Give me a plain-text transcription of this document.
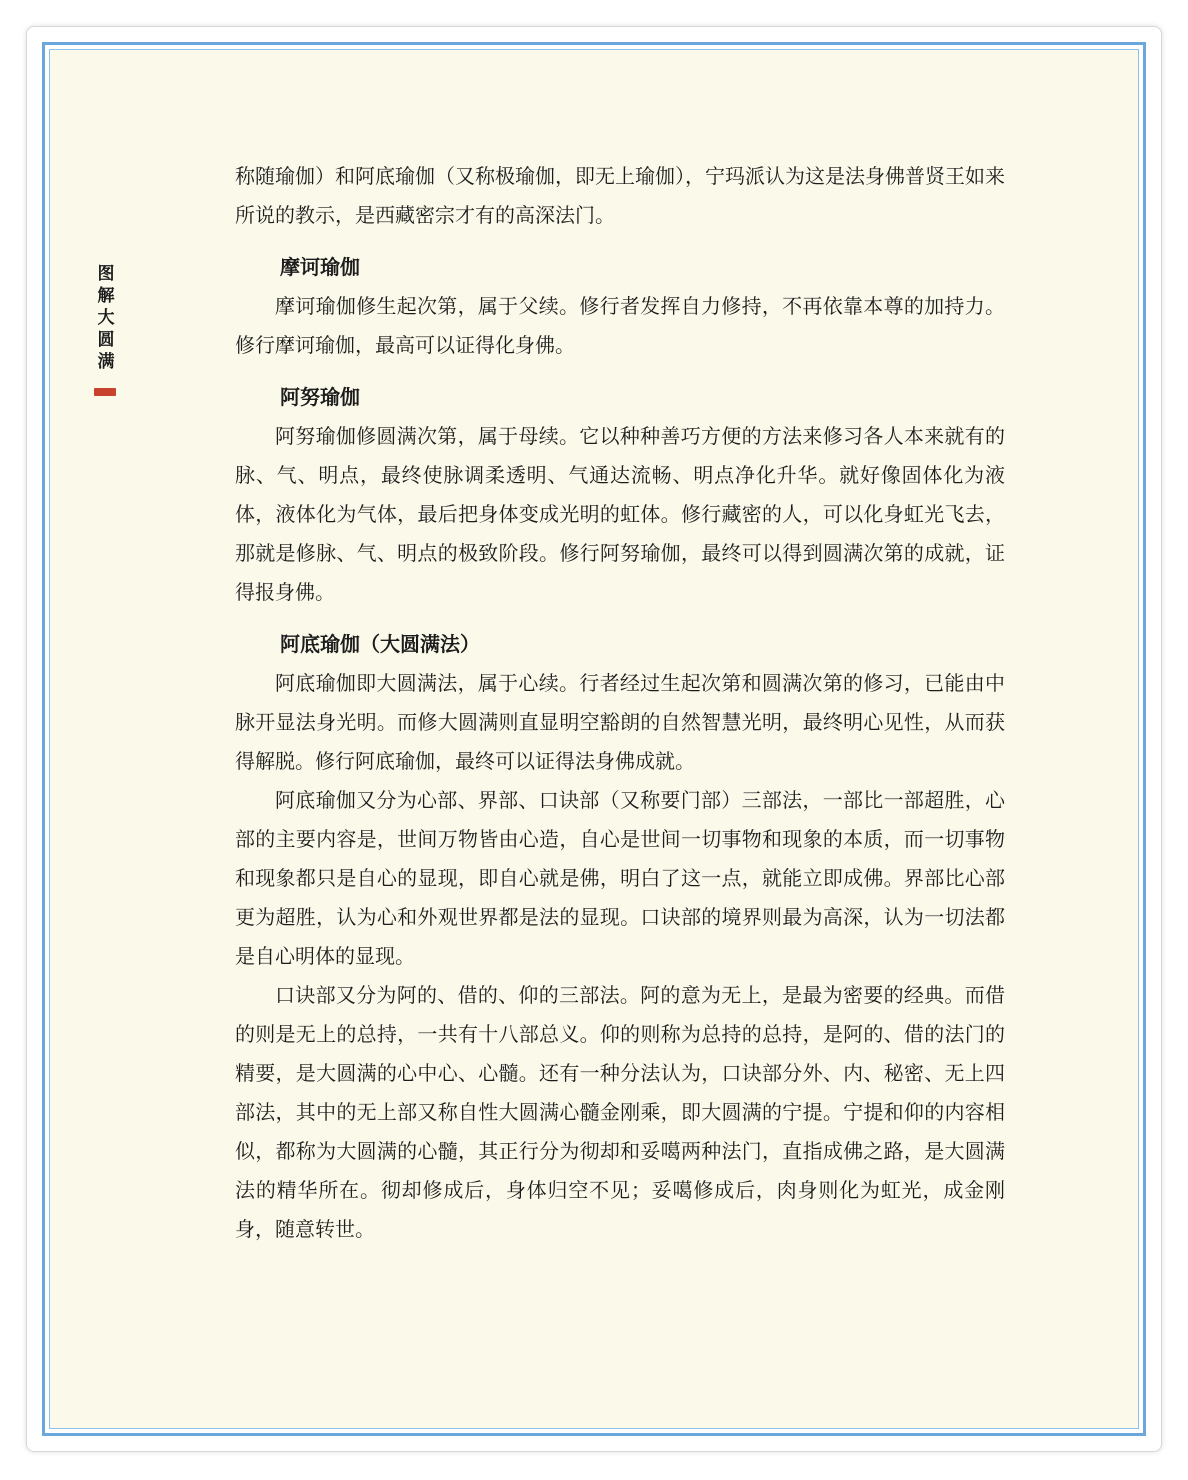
图解大圆满

称随瑜伽）和阿底瑜伽（又称极瑜伽，即无上瑜伽），宁玛派认为这是法身佛普贤王如来所说的教示，是西藏密宗才有的高深法门。

摩诃瑜伽

摩诃瑜伽修生起次第，属于父续。修行者发挥自力修持，不再依靠本尊的加持力。修行摩诃瑜伽，最高可以证得化身佛。

阿努瑜伽

阿努瑜伽修圆满次第，属于母续。它以种种善巧方便的方法来修习各人本来就有的脉、气、明点，最终使脉调柔透明、气通达流畅、明点净化升华。就好像固体化为液体，液体化为气体，最后把身体变成光明的虹体。修行藏密的人，可以化身虹光飞去，那就是修脉、气、明点的极致阶段。修行阿努瑜伽，最终可以得到圆满次第的成就，证得报身佛。

阿底瑜伽（大圆满法）

阿底瑜伽即大圆满法，属于心续。行者经过生起次第和圆满次第的修习，已能由中脉开显法身光明。而修大圆满则直显明空豁朗的自然智慧光明，最终明心见性，从而获得解脱。修行阿底瑜伽，最终可以证得法身佛成就。

阿底瑜伽又分为心部、界部、口诀部（又称要门部）三部法，一部比一部超胜，心部的主要内容是，世间万物皆由心造，自心是世间一切事物和现象的本质，而一切事物和现象都只是自心的显现，即自心就是佛，明白了这一点，就能立即成佛。界部比心部更为超胜，认为心和外观世界都是法的显现。口诀部的境界则最为高深，认为一切法都是自心明体的显现。

口诀部又分为阿的、借的、仰的三部法。阿的意为无上，是最为密要的经典。而借的则是无上的总持，一共有十八部总义。仰的则称为总持的总持，是阿的、借的法门的精要，是大圆满的心中心、心髓。还有一种分法认为，口诀部分外、内、秘密、无上四部法，其中的无上部又称自性大圆满心髓金刚乘，即大圆满的宁提。宁提和仰的内容相似，都称为大圆满的心髓，其正行分为彻却和妥噶两种法门，直指成佛之路，是大圆满法的精华所在。彻却修成后，身体归空不见；妥噶修成后，肉身则化为虹光，成金刚身，随意转世。
